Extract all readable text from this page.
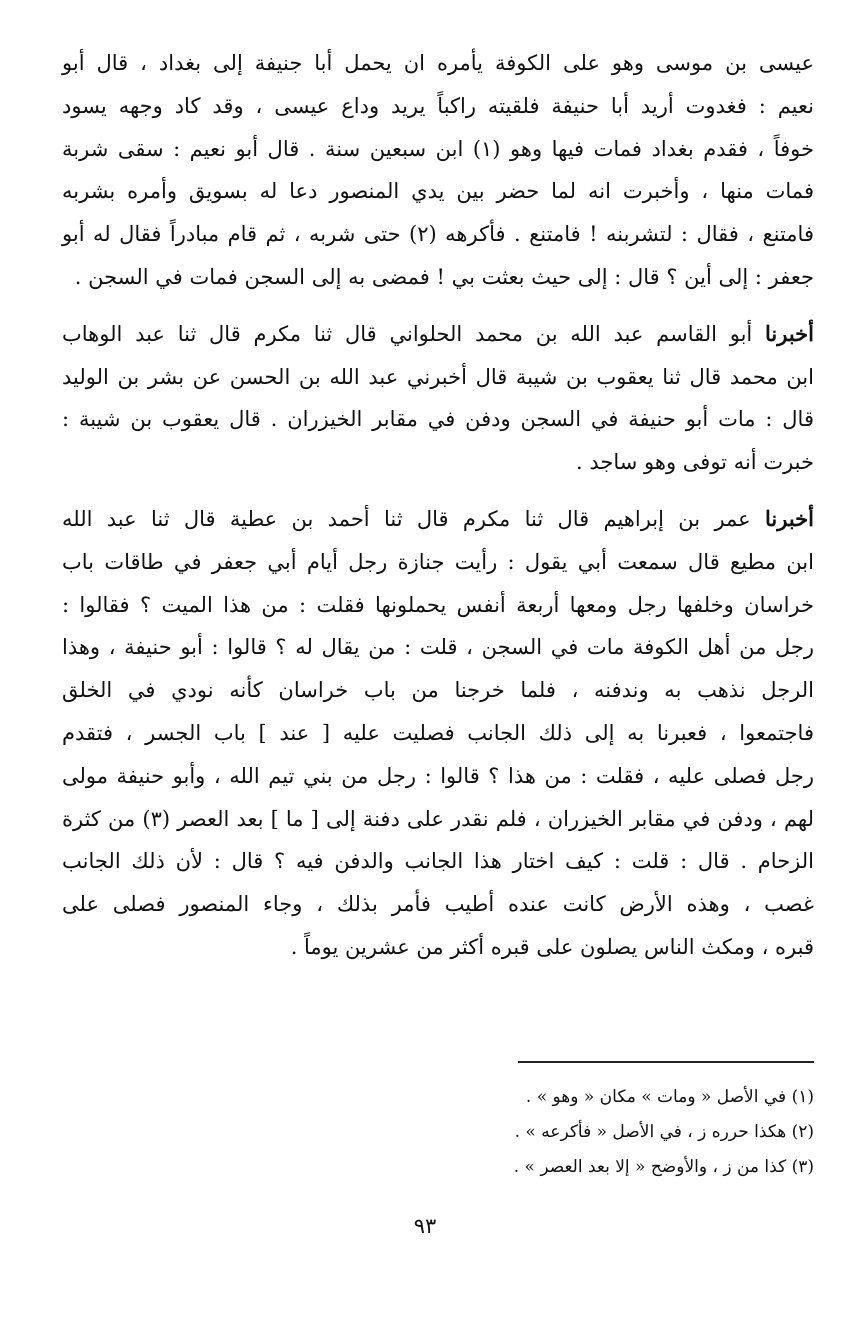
عيسى بن موسى وهو على الكوفة يأمره ان يحمل أبا جنيفة إلى بغداد ، قال أبو
نعيم : فغدوت أريد أبا حنيفة فلقيته راكباً يريد وداع عيسى ، وقد كاد وجهه يسود
خوفاً ، فقدم بغداد فمات فيها وهو (١) ابن سبعين سنة . قال أبو نعيم : سقى شربة
فمات منها ، وأخبرت انه لما حضر بين يدي المنصور دعا له بسويق وأمره بشربه
فامتنع ، فقال : لتشربنه ! فامتنع . فأكرهه (٢) حتى شربه ، ثم قام مبادراً فقال له أبو
جعفر : إلى أين ؟ قال : إلى حيث بعثت بي ! فمضى به إلى السجن فمات في السجن .
أخبرنا أبو القاسم عبد الله بن محمد الحلواني قال ثنا مكرم قال ثنا عبد الوهاب
ابن محمد قال ثنا يعقوب بن شيبة قال أخبرني عبد الله بن الحسن عن بشر بن الوليد
قال : مات أبو حنيفة في السجن ودفن في مقابر الخيزران . قال يعقوب بن شيبة :
خبرت أنه توفى وهو ساجد .
أخبرنا عمر بن إبراهيم قال ثنا مكرم قال ثنا أحمد بن عطية قال ثنا عبد الله
ابن مطيع قال سمعت أبي يقول : رأيت جنازة رجل أيام أبي جعفر في طاقات باب
خراسان وخلفها رجل ومعها أربعة أنفس يحملونها فقلت : من هذا الميت ؟ فقالوا :
رجل من أهل الكوفة مات في السجن ، قلت : من يقال له ؟ قالوا : أبو حنيفة ، وهذا
الرجل نذهب به وندفنه ، فلما خرجنا من باب خراسان كأنه نودي في الخلق
فاجتمعوا ، فعبرنا به إلى ذلك الجانب فصليت عليه [ عند ] باب الجسر ، فتقدم
رجل فصلى عليه ، فقلت : من هذا ؟ قالوا : رجل من بني تيم الله ، وأبو حنيفة مولى
لهم ، ودفن في مقابر الخيزران ، فلم نقدر على دفنة إلى [ ما ] بعد العصر (٣) من كثرة
الزحام . قال : قلت : كيف اختار هذا الجانب والدفن فيه ؟ قال : لأن ذلك الجانب
غصب ، وهذه الأرض كانت عنده أطيب فأمر بذلك ، وجاء المنصور فصلى على
قبره ، ومكث الناس يصلون على قبره أكثر من عشرين يوماً .
(١) في الأصل « ومات » مكان « وهو » .
(٢) هكذا حرره ز ، في الأصل « فأكرعه » .
(٣) كذا من ز ، والأوضح « إلا بعد العصر » .
٩٣
